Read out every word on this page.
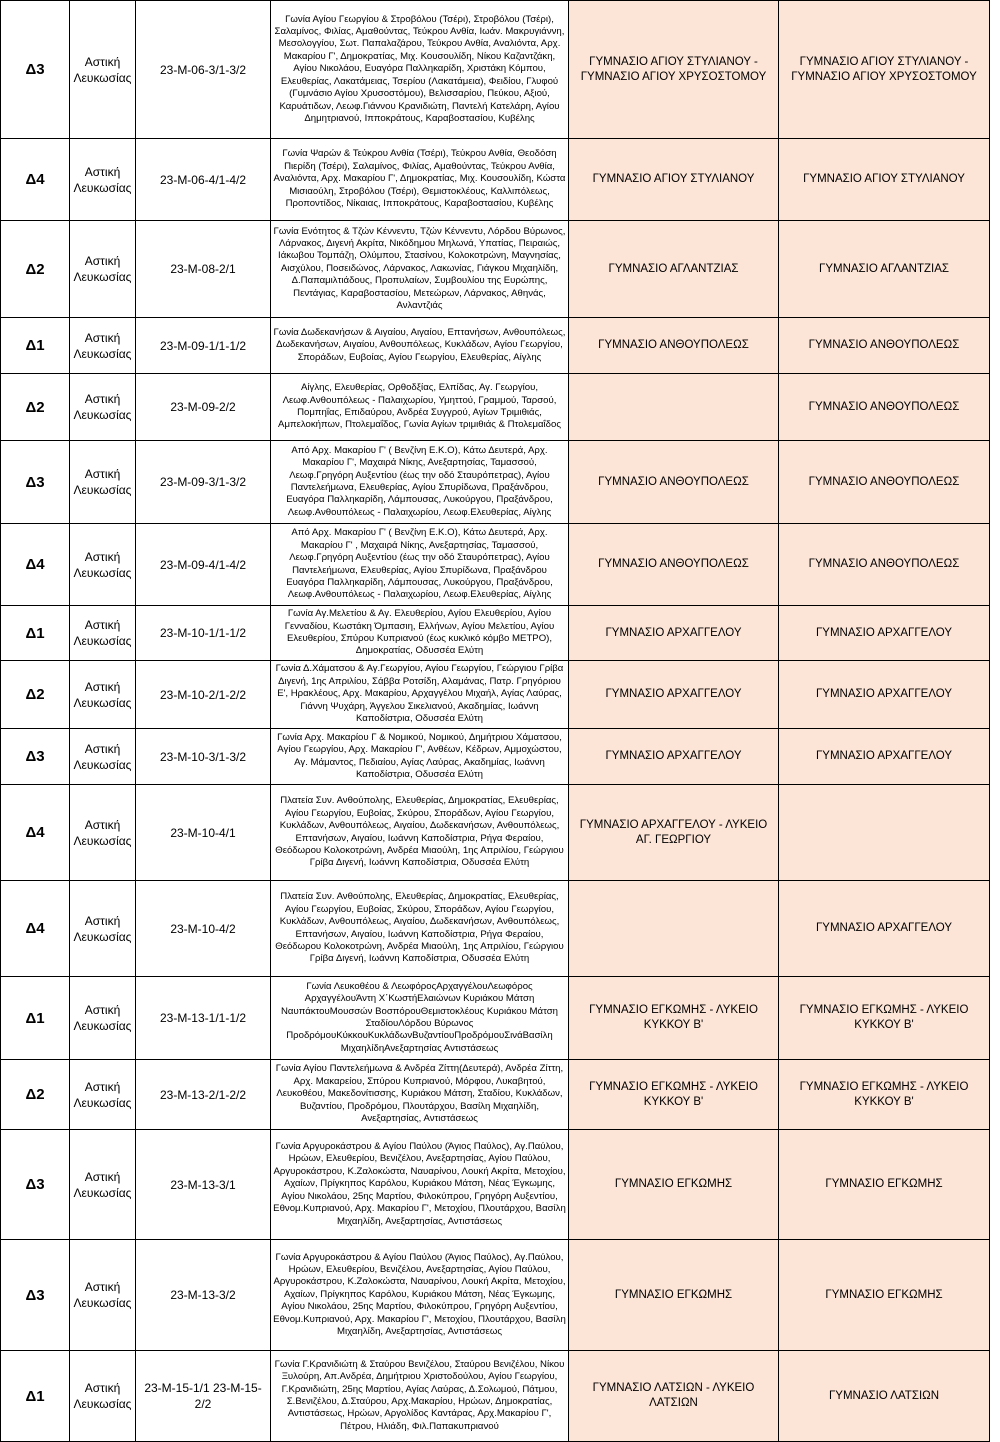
Δ3	Αστική Λευκωσίας	23-M-06-3/1-3/2	Γωνία Αγίου Γεωργίου & Στροβόλου (Τσέρι), Στροβόλου (Τσέρι), Σαλαμίνος, Φιλίας, Αμαθούντας, Τεύκρου Ανθία, Ιωάν. Μακρυγιάννη, Μεσολογγίου, Σωτ. Παπαλαζάρου, Τεύκρου Ανθία, Αναλιόντα, Αρχ. Μακαρίου Γ', Δημοκρατίας, Μιχ. Κουσουλίδη, Νίκου Καζαντζάκη, Αγίου Νικολάου, Ευαγόρα Παλληκαρίδη, Χριστάκη Κόμπου, Ελευθερίας, Λακατάμειας, Τσερίου (Λακατάμεια), Φειδίου, Γλυφού (Γυμνάσιο Αγίου Χρυσοστόμου), Βελισσαρίου, Πεύκου, Αξιού, Καρυάτιδων, Λεωφ.Γιάννου Κρανιδιώτη, Παντελή Κατελάρη, Αγίου Δημητριανού, Ιπποκράτους, Καραβοστασίου, Κυβέλης	ΓΥΜΝΑΣΙΟ ΑΓΙΟΥ ΣΤΥΛΙΑΝΟΥ - ΓΥΜΝΑΣΙΟ ΑΓΙΟΥ ΧΡΥΣΟΣΤΟΜΟΥ	ΓΥΜΝΑΣΙΟ ΑΓΙΟΥ ΣΤΥΛΙΑΝΟΥ - ΓΥΜΝΑΣΙΟ ΑΓΙΟΥ ΧΡΥΣΟΣΤΟΜΟΥ
Δ4	Αστική Λευκωσίας	23-M-06-4/1-4/2	Γωνία Ψαρών & Τεύκρου Ανθία (Τσέρι), Τεύκρου Ανθία, Θεοδόση Πιερίδη (Τσέρι), Σαλαμίνος, Φιλίας, Αμαθούντας, Τεύκρου Ανθία, Αναλιόντα, Αρχ. Μακαρίου Γ', Δημοκρατίας, Μιχ. Κουσουλίδη, Κώστα Μισιαούλη, Στροβόλου (Τσέρι), Θεμιστοκλέους, Καλλιπόλεως, Προποντίδος, Νίκαιας, Ιπποκράτους, Καραβοστασίου, Κυβέλης	ΓΥΜΝΑΣΙΟ ΑΓΙΟΥ ΣΤΥΛΙΑΝΟΥ	ΓΥΜΝΑΣΙΟ ΑΓΙΟΥ ΣΤΥΛΙΑΝΟΥ
Δ2	Αστική Λευκωσίας	23-M-08-2/1	Γωνία Ενότητος & Τζών Κέννεντυ, Τζών Κέννεντυ, Λόρδου Βύρωνος, Λάρνακος, Διγενή Ακρίτα, Νικόδημου Μηλωνά, Υπατίας, Πειραιώς, Ιάκωβου Τομπάζη, Ολύμπου, Στασίνου, Κολοκοτρώνη, Μαγνησίας, Αισχύλου, Ποσειδώνος, Λάρνακος, Λακωνίας, Γιάγκου Μιχαηλίδη, Δ.Παπαμιλτιάδους, Προπυλαίων, Συμβουλίου της Ευρώπης, Πεντάγιας, Καραβοστασίου, Μετεώρων, Λάρνακος, Αθηνάς, Ανλαντζιάς	ΓΥΜΝΑΣΙΟ ΑΓΛΑΝΤΖΙΑΣ	ΓΥΜΝΑΣΙΟ ΑΓΛΑΝΤΖΙΑΣ
Δ1	Αστική Λευκωσίας	23-M-09-1/1-1/2	Γωνία Δωδεκανήσων & Αιγαίου, Αιγαίου, Επτανήσων, Ανθουπόλεως, Δωδεκανήσων, Αιγαίου, Ανθουπόλεως, Κυκλάδων, Αγίου Γεωργίου, Σποράδων, Ευβοίας, Αγίου Γεωργίου, Ελευθερίας, Αίγλης	ΓΥΜΝΑΣΙΟ ΑΝΘΟΥΠΟΛΕΩΣ	ΓΥΜΝΑΣΙΟ ΑΝΘΟΥΠΟΛΕΩΣ
Δ2	Αστική Λευκωσίας	23-M-09-2/2	Αίγλης, Ελευθερίας, Ορθοδξίας, Ελπίδας, Αγ. Γεωργίου, Λεωφ.Ανθουπόλεως - Παλαιχωρίου, Υμηττού, Γραμμού, Ταρσού, Πομπηΐας, Επιδαύρου, Ανδρέα Συγγρού, Αγίων Τριμιθιάς, Αμπελοκήπων, Πτολεμαΐδος, Γωνία Αγίων τριμιθιάς & Πτολεμαΐδος		ΓΥΜΝΑΣΙΟ ΑΝΘΟΥΠΟΛΕΩΣ
Δ3	Αστική Λευκωσίας	23-M-09-3/1-3/2	Από Αρχ. Μακαρίου Γ' ( Βενζίνη Ε.Κ.Ο), Κάτω Δευτερά, Αρχ. Μακαρίου Γ', Μαχαιρά Νίκης, Ανεξαρτησίας, Ταμασσού, Λεωφ.Γρηγόρη Αυξεντίου (έως την οδό Σταυρόπετρας), Αγίου Παντελεήμωνα, Ελευθερίας, Αγίου Σπυρίδωνα, Πραξάνδρου, Ευαγόρα Παλληκαρίδη, Λάμπουσας, Λυκούργου, Πραξάνδρου, Λεωφ.Ανθουπόλεως - Παλαιχωρίου, Λεωφ.Ελευθερίας, Αίγλης	ΓΥΜΝΑΣΙΟ ΑΝΘΟΥΠΟΛΕΩΣ	ΓΥΜΝΑΣΙΟ ΑΝΘΟΥΠΟΛΕΩΣ
Δ4	Αστική Λευκωσίας	23-M-09-4/1-4/2	Από Αρχ. Μακαρίου Γ' ( Βενζίνη Ε.Κ.Ο), Κάτω Δευτερά, Αρχ. Μακαρίου Γ' , Μαχαιρά Νίκης, Ανεξαρτησίας, Ταμασσού, Λεωφ.Γρηγόρη Αυξεντίου (έως την οδό Σταυρόπετρας), Αγίου Παντελεήμωνα, Ελευθερίας, Αγίου Σπυρίδωνα, Πραξάνδρου Ευαγόρα Παλληκαρίδη, Λάμπουσας, Λυκούργου, Πραξάνδρου, Λεωφ.Ανθουπόλεως - Παλαιχωρίου, Λεωφ.Ελευθερίας, Αίγλης	ΓΥΜΝΑΣΙΟ ΑΝΘΟΥΠΟΛΕΩΣ	ΓΥΜΝΑΣΙΟ ΑΝΘΟΥΠΟΛΕΩΣ
Δ1	Αστική Λευκωσίας	23-M-10-1/1-1/2	Γωνία Αγ.Μελετίου & Αγ. Ελευθερίου, Αγίου Ελευθερίου, Αγίου Γενναδίου, Κωστάκη Όμπασιη, Ελλήνων, Αγίου Μελετίου, Αγίου Ελευθερίου, Σπύρου Κυπριανού (έως κυκλικό κόμβο ΜΕΤΡΟ), Δημοκρατίας, Οδυσσέα Ελύτη	ΓΥΜΝΑΣΙΟ ΑΡΧΑΓΓΕΛΟΥ	ΓΥΜΝΑΣΙΟ ΑΡΧΑΓΓΕΛΟΥ
Δ2	Αστική Λευκωσίας	23-M-10-2/1-2/2	Γωνία Δ.Χάματσου & Αγ.Γεωργίου, Αγίου Γεωργίου, Γεώργιου Γρίβα Διγενή, 1ης Απριλίου, Σάββα Ροτσίδη, Αλαμάνας, Πατρ. Γρηγόριου Ε', Ηρακλέους, Αρχ. Μακαρίου, Αρχαγγέλου Μιχαήλ, Αγίας Λαύρας, Γιάννη Ψυχάρη, Άγγελου Σικελιανού, Ακαδημίας, Ιωάννη Καποδίστρια, Οδυσσέα Ελύτη	ΓΥΜΝΑΣΙΟ ΑΡΧΑΓΓΕΛΟΥ	ΓΥΜΝΑΣΙΟ ΑΡΧΑΓΓΕΛΟΥ
Δ3	Αστική Λευκωσίας	23-M-10-3/1-3/2	Γωνία Αρχ. Μακαρίου Γ & Νομικού, Νομικού, Δημήτριου Χάματσου, Αγίου Γεωργίου, Αρχ. Μακαρίου Γ', Ανθέων, Κέδρων, Αμμοχώστου, Αγ. Μάμαντος, Πεδιαίου, Αγίας Λαύρας, Ακαδημίας, Ιωάννη Καποδίστρια, Οδυσσέα Ελύτη	ΓΥΜΝΑΣΙΟ ΑΡΧΑΓΓΕΛΟΥ	ΓΥΜΝΑΣΙΟ ΑΡΧΑΓΓΕΛΟΥ
Δ4	Αστική Λευκωσίας	23-M-10-4/1	Πλατεία Συν. Ανθούπολης, Ελευθερίας, Δημοκρατίας, Ελευθερίας, Αγίου Γεωργίου, Ευβοίας, Σκύρου, Σποράδων, Αγίου Γεωργίου, Κυκλάδων, Ανθουπόλεως, Αιγαίου, Δωδεκανήσων, Ανθουπόλεως, Επτανήσων, Αιγαίου, Ιωάννη Καποδίστρια, Ρήγα Φεραίου, Θεόδωρου Κολοκοτρώνη, Ανδρέα Μιαούλη, 1ης Απριλίου, Γεώργιου Γρίβα Διγενή, Ιωάννη Καποδίστρια, Οδυσσέα Ελύτη	ΓΥΜΝΑΣΙΟ ΑΡΧΑΓΓΕΛΟΥ - ΛΥΚΕΙΟ ΑΓ. ΓΕΩΡΓΙΟΥ	
Δ4	Αστική Λευκωσίας	23-M-10-4/2	Πλατεία Συν. Ανθούπολης, Ελευθερίας, Δημοκρατίας, Ελευθερίας, Αγίου Γεωργίου, Ευβοίας, Σκύρου, Σποράδων, Αγίου Γεωργίου, Κυκλάδων, Ανθουπόλεως, Αιγαίου, Δωδεκανήσων, Ανθουπόλεως, Επτανήσων, Αιγαίου, Ιωάννη Καποδίστρια, Ρήγα Φεραίου, Θεόδωρου Κολοκοτρώνη, Ανδρέα Μιαούλη, 1ης Απριλίου, Γεώργιου Γρίβα Διγενή, Ιωάννη Καποδίστρια, Οδυσσέα Ελύτη		ΓΥΜΝΑΣΙΟ ΑΡΧΑΓΓΕΛΟΥ
Δ1	Αστική Λευκωσίας	23-M-13-1/1-1/2	Γωνία Λευκοθέου & ΛεωφόροςΑρχαγγέλουΛεωφόρος ΑρχαγγέλουΆντη Χ΄ΚωστήΕλαιώνων Κυριάκου Μάτση ΝαυπάκτουΜουσσών ΒοσπόρουΘεμιστοκλέους Κυριάκου Μάτση ΣταδίουΛόρδου Βύρωνος ΠροδρόμουΚύκκουΚυκλάδωνΒυζαντίουΠροδρόμουΣινάΒασίλη ΜιχαηλίδηΑνεξαρτησίας Αντιστάσεως	ΓΥΜΝΑΣΙΟ ΕΓΚΩΜΗΣ - ΛΥΚΕΙΟ ΚΥΚΚΟΥ Β'	ΓΥΜΝΑΣΙΟ ΕΓΚΩΜΗΣ - ΛΥΚΕΙΟ ΚΥΚΚΟΥ Β'
Δ2	Αστική Λευκωσίας	23-M-13-2/1-2/2	Γωνία Αγίου Παντελεήμωνα & Ανδρέα Ζίττη(Δευτερά), Ανδρέα Ζίττη, Αρχ. Μακαρείου, Σπύρου Κυπριανού, Μόρφου, Λυκαβητού, Λευκοθέου, Μακεδονίτισσης, Κυριάκου Μάτση, Σταδίου, Κυκλάδων, Βυζαντίου, Προδρόμου, Πλουτάρχου, Βασίλη Μιχαηλίδη, Ανεξαρτησίας, Αντιστάσεως	ΓΥΜΝΑΣΙΟ ΕΓΚΩΜΗΣ - ΛΥΚΕΙΟ ΚΥΚΚΟΥ Β'	ΓΥΜΝΑΣΙΟ ΕΓΚΩΜΗΣ - ΛΥΚΕΙΟ ΚΥΚΚΟΥ Β'
Δ3	Αστική Λευκωσίας	23-M-13-3/1	Γωνία Αργυροκάστρου & Αγίου Παύλου (Άγιος Παύλος), Αγ.Παύλου, Ηρώων, Ελευθερίου, Βενιζέλου, Ανεξαρτησίας, Αγίου Παύλου, Αργυροκάστρου, Κ.Ζαλοκώστα, Ναυαρίνου, Λουκή Ακρίτα, Μετοχίου, Αχαίων, Πρίγκηπος Καρόλου, Κυριάκου Μάτση, Νέας Έγκωμης, Αγίου Νικολάου, 25ης Μαρτίου, Φιλοκύπρου, Γρηγόρη Αυξεντίου, Εθνομ.Κυπριανού, Αρχ. Μακαρίου Γ', Μετοχίου, Πλουτάρχου, Βασίλη Μιχαηλίδη, Ανεξαρτησίας, Αντιστάσεως	ΓΥΜΝΑΣΙΟ ΕΓΚΩΜΗΣ	ΓΥΜΝΑΣΙΟ ΕΓΚΩΜΗΣ
Δ3	Αστική Λευκωσίας	23-M-13-3/2	Γωνία Αργυροκάστρου & Αγίου Παύλου (Άγιος Παύλος), Αγ.Παύλου, Ηρώων, Ελευθερίου, Βενιζέλου, Ανεξαρτησίας, Αγίου Παύλου, Αργυροκάστρου, Κ.Ζαλοκώστα, Ναυαρίνου, Λουκή Ακρίτα, Μετοχίου, Αχαίων, Πρίγκηπος Καρόλου, Κυριάκου Μάτση, Νέας Έγκωμης, Αγίου Νικολάου, 25ης Μαρτίου, Φιλοκύπρου, Γρηγόρη Αυξεντίου, Εθνομ.Κυπριανού, Αρχ. Μακαρίου Γ', Μετοχίου, Πλουτάρχου, Βασίλη Μιχαηλίδη, Ανεξαρτησίας, Αντιστάσεως	ΓΥΜΝΑΣΙΟ ΕΓΚΩΜΗΣ	ΓΥΜΝΑΣΙΟ ΕΓΚΩΜΗΣ
Δ1	Αστική Λευκωσίας	23-M-15-1/1 23-M-15-2/2	Γωνία Γ.Κρανιδιώτη & Σταύρου Βενιζέλου, Σταύρου Βενιζέλου, Νίκου Ξυλούρη, Απ.Ανδρέα, Δημήτριου Χριστοδούλου, Αγίου Γεωργίου, Γ.Κρανιδιώτη, 25ης Μαρτίου, Αγίας Λαύρας, Δ.Σολωμού, Πάτμου, Σ.Βενιζέλου, Δ.Σταύρου, Αρχ.Μακαρίου, Ηρώων, Δημοκρατίας, Αντιστάσεως, Ηρώων, Αργολίδος Καντάρας, Αρχ.Μακαρίου Γ', Πέτρου, Ηλιάδη, Φιλ.Παπακυπριανού	ΓΥΜΝΑΣΙΟ ΛΑΤΣΙΩΝ - ΛΥΚΕΙΟ ΛΑΤΣΙΩΝ	ΓΥΜΝΑΣΙΟ ΛΑΤΣΙΩΝ
